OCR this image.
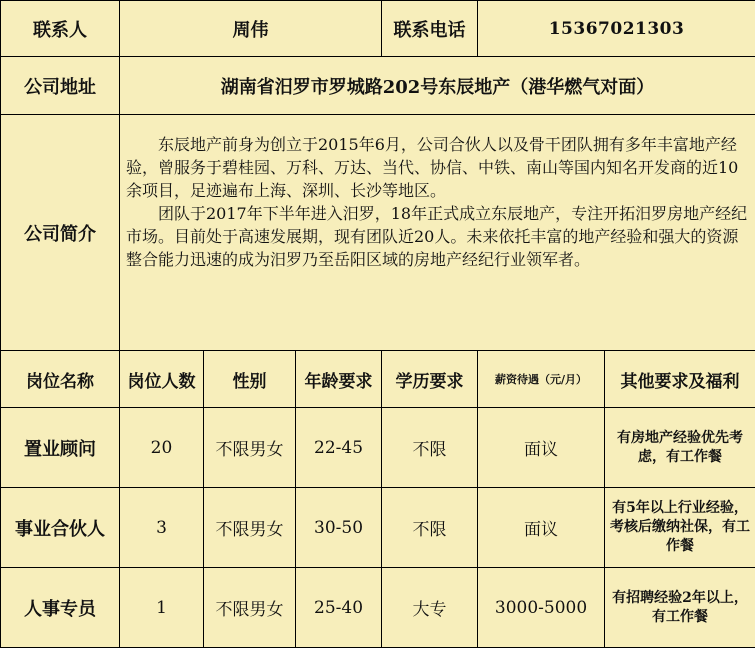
联系人	周伟			联系电话	15367021303	
公司地址	湖南省汨罗市罗城路202号东辰地产（港华燃气对面）					
公司简介	东辰地产前身为创立于2015年6月，公司合伙人以及骨干团队拥有多年丰富地产经验，曾服务于碧桂园、万科、万达、当代、协信、中铁、南山等国内知名开发商的近10余项目，足迹遍布上海、深圳、长沙等地区。

团队于2017年下半年进入汨罗，18年正式成立东辰地产，专注开拓汨罗房地产经纪市场。目前处于高速发展期，现有团队近20人。未来依托丰富的地产经验和强大的资源整合能力迅速的成为汨罗乃至岳阳区域的房地产经纪行业领军者。					

岗位名称	岗位人数	性别	年龄要求	学历要求	薪资待遇（元/月）	其他要求及福利
置业顾问	20	不限男女	22-45	不限	面议	有房地产经验优先考虑，有工作餐
事业合伙人	3	不限男女	30-50	不限	面议	有5年以上行业经验，考核后缴纳社保，有工作餐
人事专员	1	不限男女	25-40	大专	3000-5000	有招聘经验2年以上，有工作餐
